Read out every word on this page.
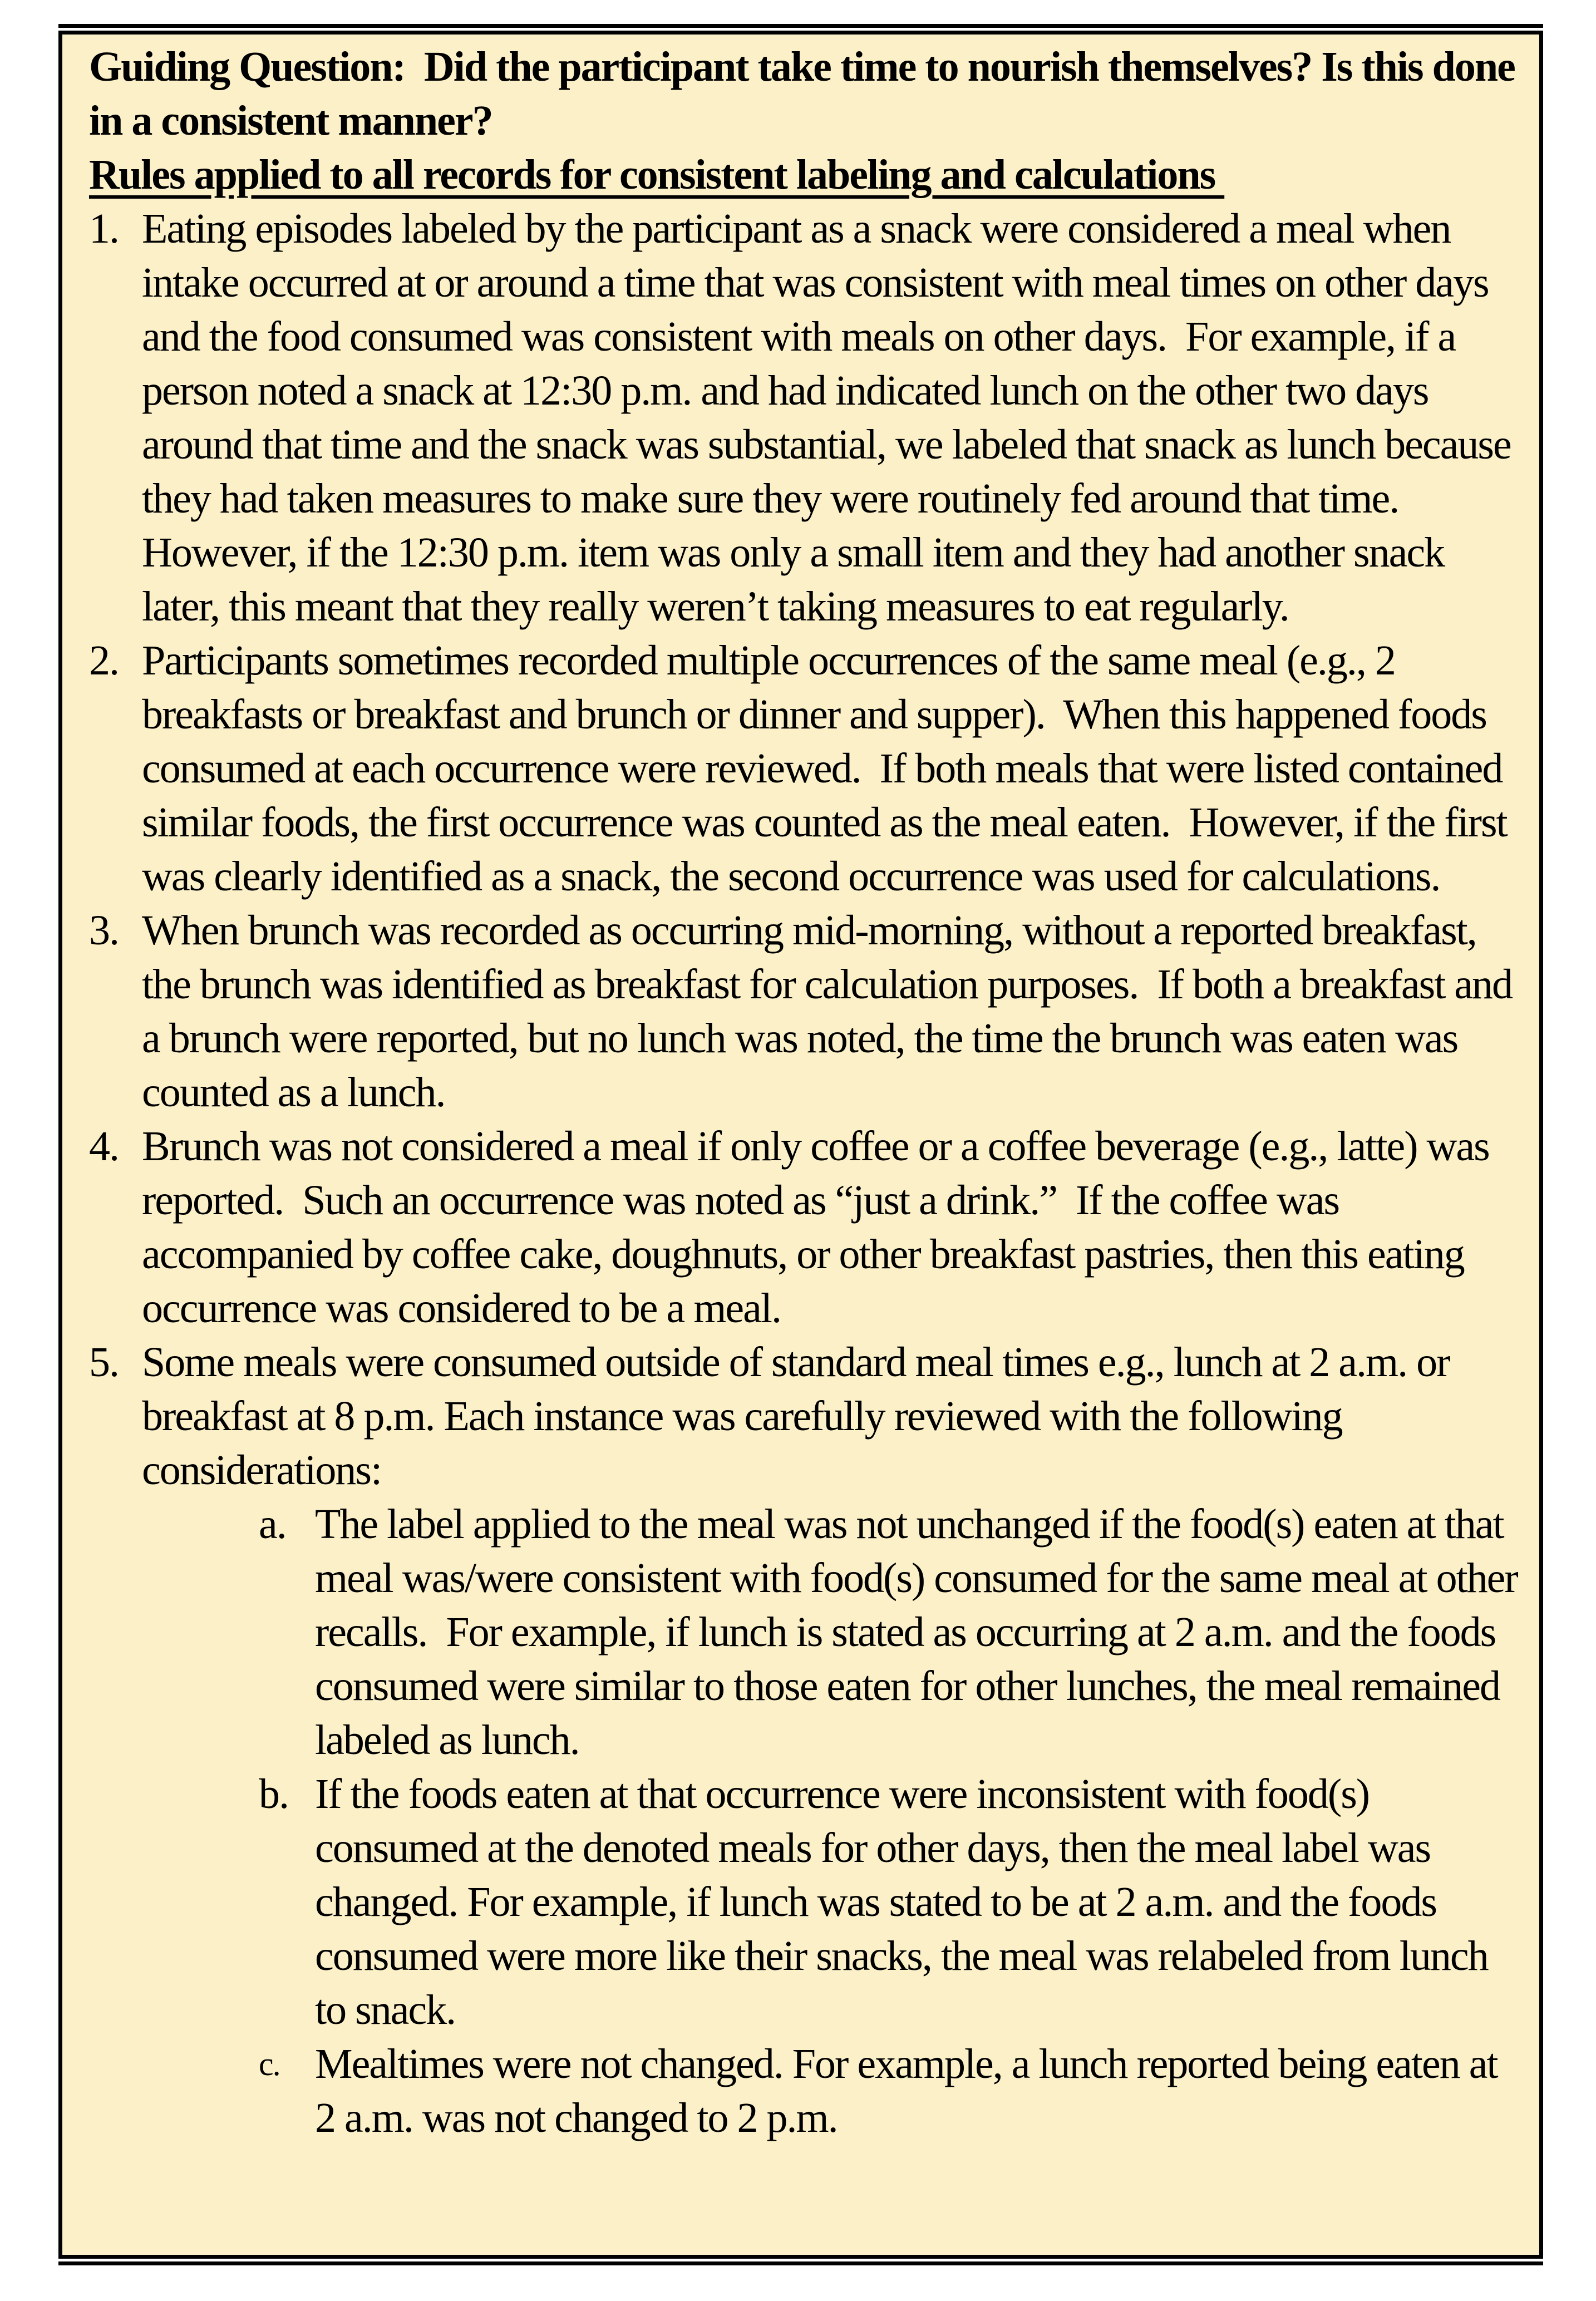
Guiding Question:  Did the participant take time to nourish themselves? Is this done in a consistent manner?
Rules applied to all records for consistent labeling and calculations
1. Eating episodes labeled by the participant as a snack were considered a meal when intake occurred at or around a time that was consistent with meal times on other days and the food consumed was consistent with meals on other days.  For example, if a person noted a snack at 12:30 p.m. and had indicated lunch on the other two days around that time and the snack was substantial, we labeled that snack as lunch because they had taken measures to make sure they were routinely fed around that time.  However, if the 12:30 p.m. item was only a small item and they had another snack later, this meant that they really weren’t taking measures to eat regularly.
2. Participants sometimes recorded multiple occurrences of the same meal (e.g., 2 breakfasts or breakfast and brunch or dinner and supper).  When this happened foods consumed at each occurrence were reviewed.  If both meals that were listed contained similar foods, the first occurrence was counted as the meal eaten.  However, if the first was clearly identified as a snack, the second occurrence was used for calculations.
3. When brunch was recorded as occurring mid-morning, without a reported breakfast, the brunch was identified as breakfast for calculation purposes.  If both a breakfast and a brunch were reported, but no lunch was noted, the time the brunch was eaten was counted as a lunch.
4. Brunch was not considered a meal if only coffee or a coffee beverage (e.g., latte) was reported.  Such an occurrence was noted as “just a drink.”  If the coffee was accompanied by coffee cake, doughnuts, or other breakfast pastries, then this eating occurrence was considered to be a meal.
5. Some meals were consumed outside of standard meal times e.g., lunch at 2 a.m. or  breakfast at 8 p.m. Each instance was carefully reviewed with the following considerations:
a. The label applied to the meal was not unchanged if the food(s) eaten at that meal was/were consistent with food(s) consumed for the same meal at other recalls.  For example, if lunch is stated as occurring at 2 a.m. and the foods consumed were similar to those eaten for other lunches, the meal remained labeled as lunch.
b. If the foods eaten at that occurrence were inconsistent with food(s) consumed at the denoted meals for other days, then the meal label was changed. For example, if lunch was stated to be at 2 a.m. and the foods consumed were more like their snacks, the meal was relabeled from lunch to snack.
c. Mealtimes were not changed. For example, a lunch reported being eaten at 2 a.m. was not changed to 2 p.m.
